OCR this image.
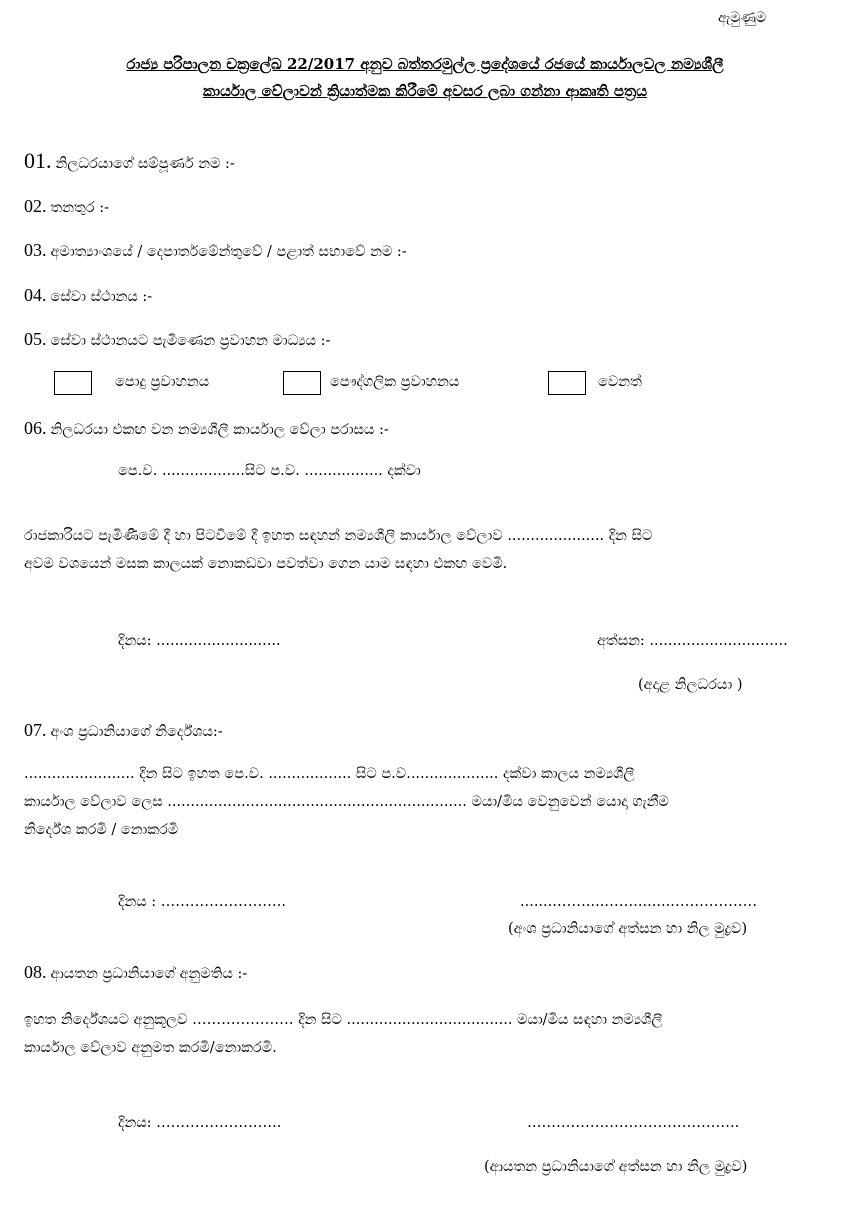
ඇමුණුම
රාජ්‍ය පරිපාලන චක්‍රලේඛ 22/2017 අනුව බත්තරමුල්ල ප්‍රදේශයේ රජයේ කාර්යාලවල නම්‍යශීලී
කාර්යාල වේලාවන් ක්‍රියාත්මක කිරීමේ අවසර ලබා ගන්නා ආකෘති පත්‍රය
01. නිලධරයාගේ සම්පූර්ණ නම :-
02. තනතුර :-
03. අමාත්‍යාංශයේ / දෙපාර්තමේන්තුවේ / පළාත් සභාවේ නම :-
04. සේවා ස්ථානය :-
05. සේවා ස්ථානයට පැමිණෙන ප්‍රවාහන මාධ්‍යය :-
පොදු ප්‍රවාහනය	පෞද්ගලික ප්‍රවාහනය	වෙනත්
06. නිලධරයා එකඟ වන නම්‍යශීලී කාර්යාල වේලා පරාසය :-
පෙ.ව. ..................සිට ප.ව. ................. දක්වා
රාජකාරියට පැමිණීමේ දී හා පිටවීමේ දී ඉහත සඳහන් නම්‍යශීලී කාර්යාල වේලාව ..................... දින සිට
අවම වශයෙන් මසක කාලයක් නොකඩවා පවත්වා ගෙන යාම සඳහා එකඟ වෙමි.
දිනය: ...........................	අත්සන: ..............................
(අදාළ නිලධරයා )
07. අංශ ප්‍රධානියාගේ නිර්දේශය:-
........................ දින සිට ඉහත පෙ.ව. .................. සිට ප.ව.................... දක්වා කාලය නම්‍යශීලී
කාර්යාල වේලාව ලෙස ................................................................. මයා/මිය වෙනුවෙන් යොදා ගැනීම
නිර්දේශ කරමි / නොකරමි
දිනය : ……………………..	........……....……........………………
(අංශ ප්‍රධානියාගේ අත්සන හා නිල මුද්‍රව)
08. ආයතන ප්‍රධානියාගේ අනුමතිය :-
ඉහත නිර්දේශයට අනුකූලව ………………… දින සිට .................................... මයා/මිය සඳහා නම්‍යශීලී
කාර්යාල වේලාව අනුමත කරමි/නොකරමි.
දිනය: ……………………..	……………………………………..
(ආයතන ප්‍රධානියාගේ අත්සන හා නිල මුද්‍රව)
